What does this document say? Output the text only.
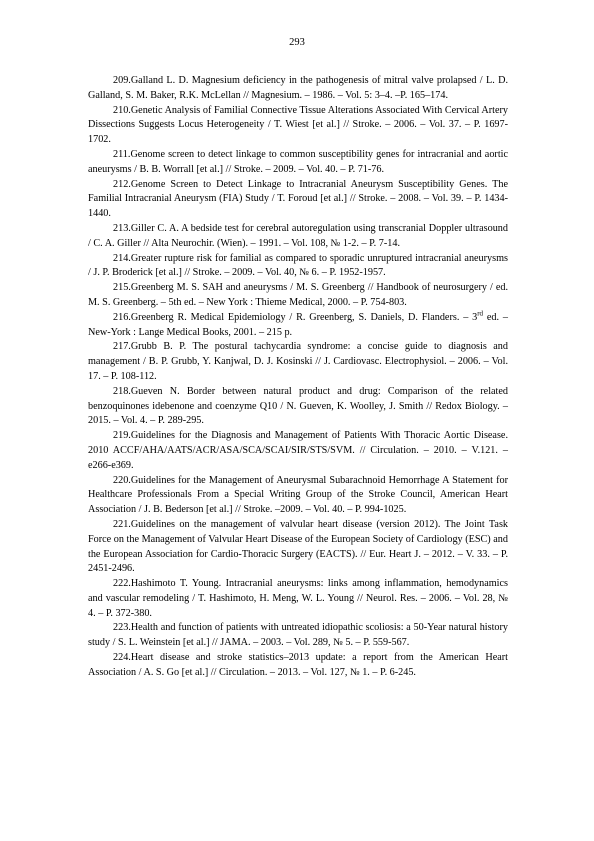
293

209.Galland L. D. Magnesium deficiency in the pathogenesis of mitral valve prolapsed / L. D. Galland, S. M. Baker, R.K. McLellan // Magnesium. – 1986. – Vol. 5: 3–4. –P. 165–174.

210.Genetic Analysis of Familial Connective Tissue Alterations Associated With Cervical Artery Dissections Suggests Locus Heterogeneity / T. Wiest [et al.] // Stroke. – 2006. – Vol. 37. – P. 1697-1702.

211.Genome screen to detect linkage to common susceptibility genes for intracranial and aortic aneurysms / B. B. Worrall [et al.] // Stroke. – 2009. – Vol. 40. – P. 71-76.

212.Genome Screen to Detect Linkage to Intracranial Aneurysm Susceptibility Genes. The Familial Intracranial Aneurysm (FIA) Study / T. Foroud [et al.] // Stroke. – 2008. – Vol. 39. – P. 1434-1440.

213.Giller C. A. A bedside test for cerebral autoregulation using transcranial Doppler ultrasound / C. A. Giller // Alta Neurochir. (Wien). – 1991. – Vol. 108, № 1-2. – P. 7-14.

214.Greater rupture risk for familial as compared to sporadic unruptured intracranial aneurysms / J. P. Broderick [et al.] // Stroke. – 2009. – Vol. 40, № 6. – P. 1952-1957.

215.Greenberg M. S. SAH and aneurysms / M. S. Greenberg // Handbook of neurosurgery / ed. M. S. Greenberg. – 5th ed. – New York : Thieme Medical, 2000. – P. 754-803.

216.Greenberg R. Medical Epidemiology / R. Greenberg, S. Daniels, D. Flanders. – 3rd ed. – New-York : Lange Medical Books, 2001. – 215 p.

217.Grubb B. P. The postural tachycardia syndrome: a concise guide to diagnosis and management / B. P. Grubb, Y. Kanjwal, D. J. Kosinski // J. Cardiovasc. Electrophysiol. – 2006. – Vol. 17. – P. 108-112.

218.Gueven N. Border between natural product and drug: Comparison of the related benzoquinones idebenone and coenzyme Q10 / N. Gueven, K. Woolley, J. Smith // Redox Biology. – 2015. – Vol. 4. – P. 289-295.

219.Guidelines for the Diagnosis and Management of Patients With Thoracic Aortic Disease. 2010 ACCF/AHA/AATS/ACR/ASA/SCA/SCAI/SIR/STS/SVM. // Circulation. – 2010. – V.121. – e266-e369.

220.Guidelines for the Management of Aneurysmal Subarachnoid Hemorrhage A Statement for Healthcare Professionals From a Special Writing Group of the Stroke Council, American Heart Association / J. B. Bederson [et al.] // Stroke. –2009. – Vol. 40. – P. 994-1025.

221.Guidelines on the management of valvular heart disease (version 2012). The Joint Task Force on the Management of Valvular Heart Disease of the European Society of Cardiology (ESC) and the European Association for Cardio-Thoracic Surgery (EACTS). // Eur. Heart J. – 2012. – V. 33. – P. 2451-2496.

222.Hashimoto T. Young. Intracranial aneurysms: links among inflammation, hemodynamics and vascular remodeling / T. Hashimoto, H. Meng, W. L. Young // Neurol. Res. – 2006. – Vol. 28, № 4. – P. 372-380.

223.Health and function of patients with untreated idiopathic scoliosis: a 50-Year natural history study / S. L. Weinstein [et al.] // JAMA. – 2003. – Vol. 289, № 5. – P. 559-567.

224.Heart disease and stroke statistics–2013 update: a report from the American Heart Association / A. S. Go [et al.] // Circulation. – 2013. – Vol. 127, № 1. – P. 6-245.
